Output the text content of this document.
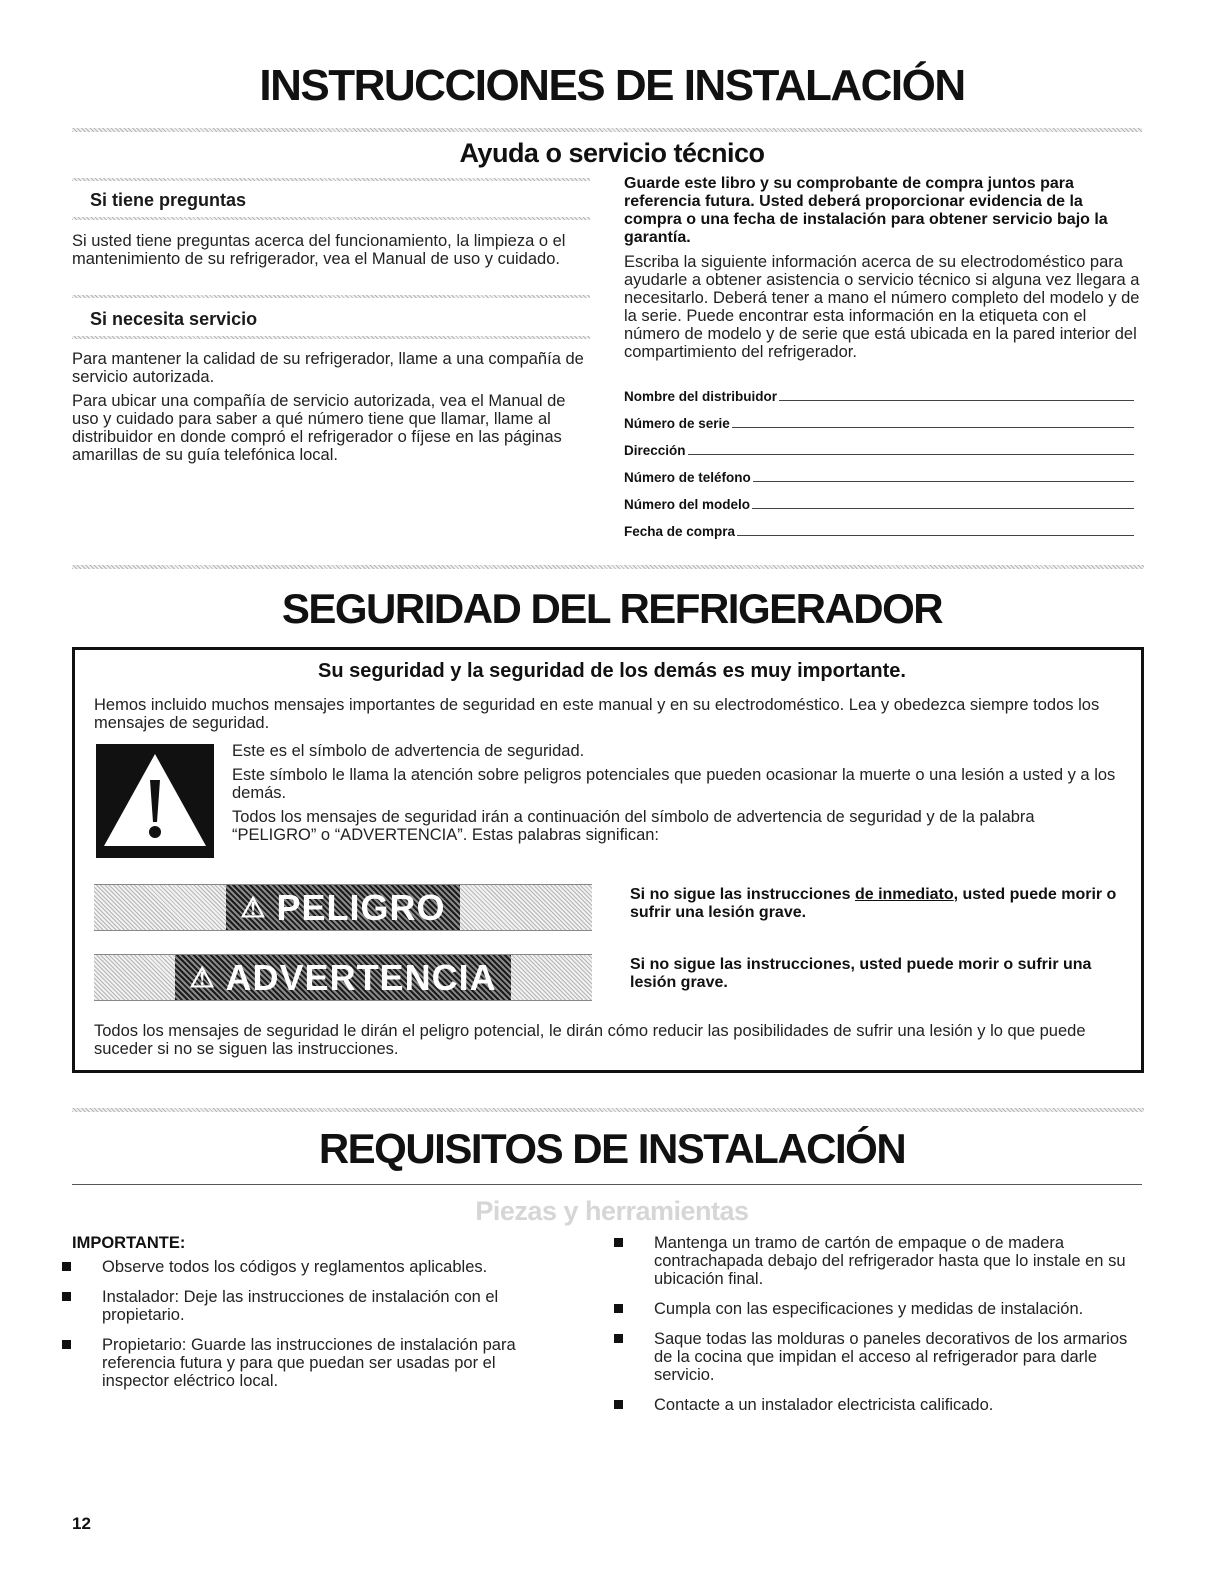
INSTRUCCIONES DE INSTALACIÓN
Ayuda o servicio técnico
Si tiene preguntas
Si usted tiene preguntas acerca del funcionamiento, la limpieza o el mantenimiento de su refrigerador, vea el Manual de uso y cuidado.
Si necesita servicio

Para mantener la calidad de su refrigerador, llame a una compañía de servicio autorizada.

Para ubicar una compañía de servicio autorizada, vea el Manual de uso y cuidado para saber a qué número tiene que llamar, llame al distribuidor en donde compró el refrigerador o fíjese en las páginas amarillas de su guía telefónica local.

Guarde este libro y su comprobante de compra juntos para referencia futura. Usted deberá proporcionar evidencia de la compra o una fecha de instalación para obtener servicio bajo la garantía.
Escriba la siguiente información acerca de su electrodoméstico para ayudarle a obtener asistencia o servicio técnico si alguna vez llegara a necesitarlo. Deberá tener a mano el número completo del modelo y de la serie. Puede encontrar esta información en la etiqueta con el número de modelo y de serie que está ubicada en la pared interior del compartimiento del refrigerador.
Nombre del distribuidor
Número de serie
Dirección
Número de teléfono
Número del modelo
Fecha de compra
SEGURIDAD DEL REFRIGERADOR
Su seguridad y la seguridad de los demás es muy importante.
Hemos incluido muchos mensajes importantes de seguridad en este manual y en su electrodoméstico. Lea y obedezca siempre todos los mensajes de seguridad.

Este es el símbolo de advertencia de seguridad.

Este símbolo le llama la atención sobre peligros potenciales que pueden ocasionar la muerte o una lesión a usted y a los demás.

Todos los mensajes de seguridad irán a continuación del símbolo de advertencia de seguridad y de la palabra “PELIGRO” o “ADVERTENCIA”. Estas palabras significan:

⚠ PELIGRO	Si no sigue las instrucciones de inmediato, usted puede morir o sufrir una lesión grave.
⚠ ADVERTENCIA	Si no sigue las instrucciones, usted puede morir o sufrir una lesión grave.
Todos los mensajes de seguridad le dirán el peligro potencial, le dirán cómo reducir las posibilidades de sufrir una lesión y lo que puede suceder si no se siguen las instrucciones.
REQUISITOS DE INSTALACIÓN
Piezas y herramientas
IMPORTANTE:
Observe todos los códigos y reglamentos aplicables.
Instalador: Deje las instrucciones de instalación con el propietario.
Propietario: Guarde las instrucciones de instalación para referencia futura y para que puedan ser usadas por el inspector eléctrico local.
Mantenga un tramo de cartón de empaque o de madera contrachapada debajo del refrigerador hasta que lo instale en su ubicación final.
Cumpla con las especificaciones y medidas de instalación.
Saque todas las molduras o paneles decorativos de los armarios de la cocina que impidan el acceso al refrigerador para darle servicio.
Contacte a un instalador electricista calificado.
12
